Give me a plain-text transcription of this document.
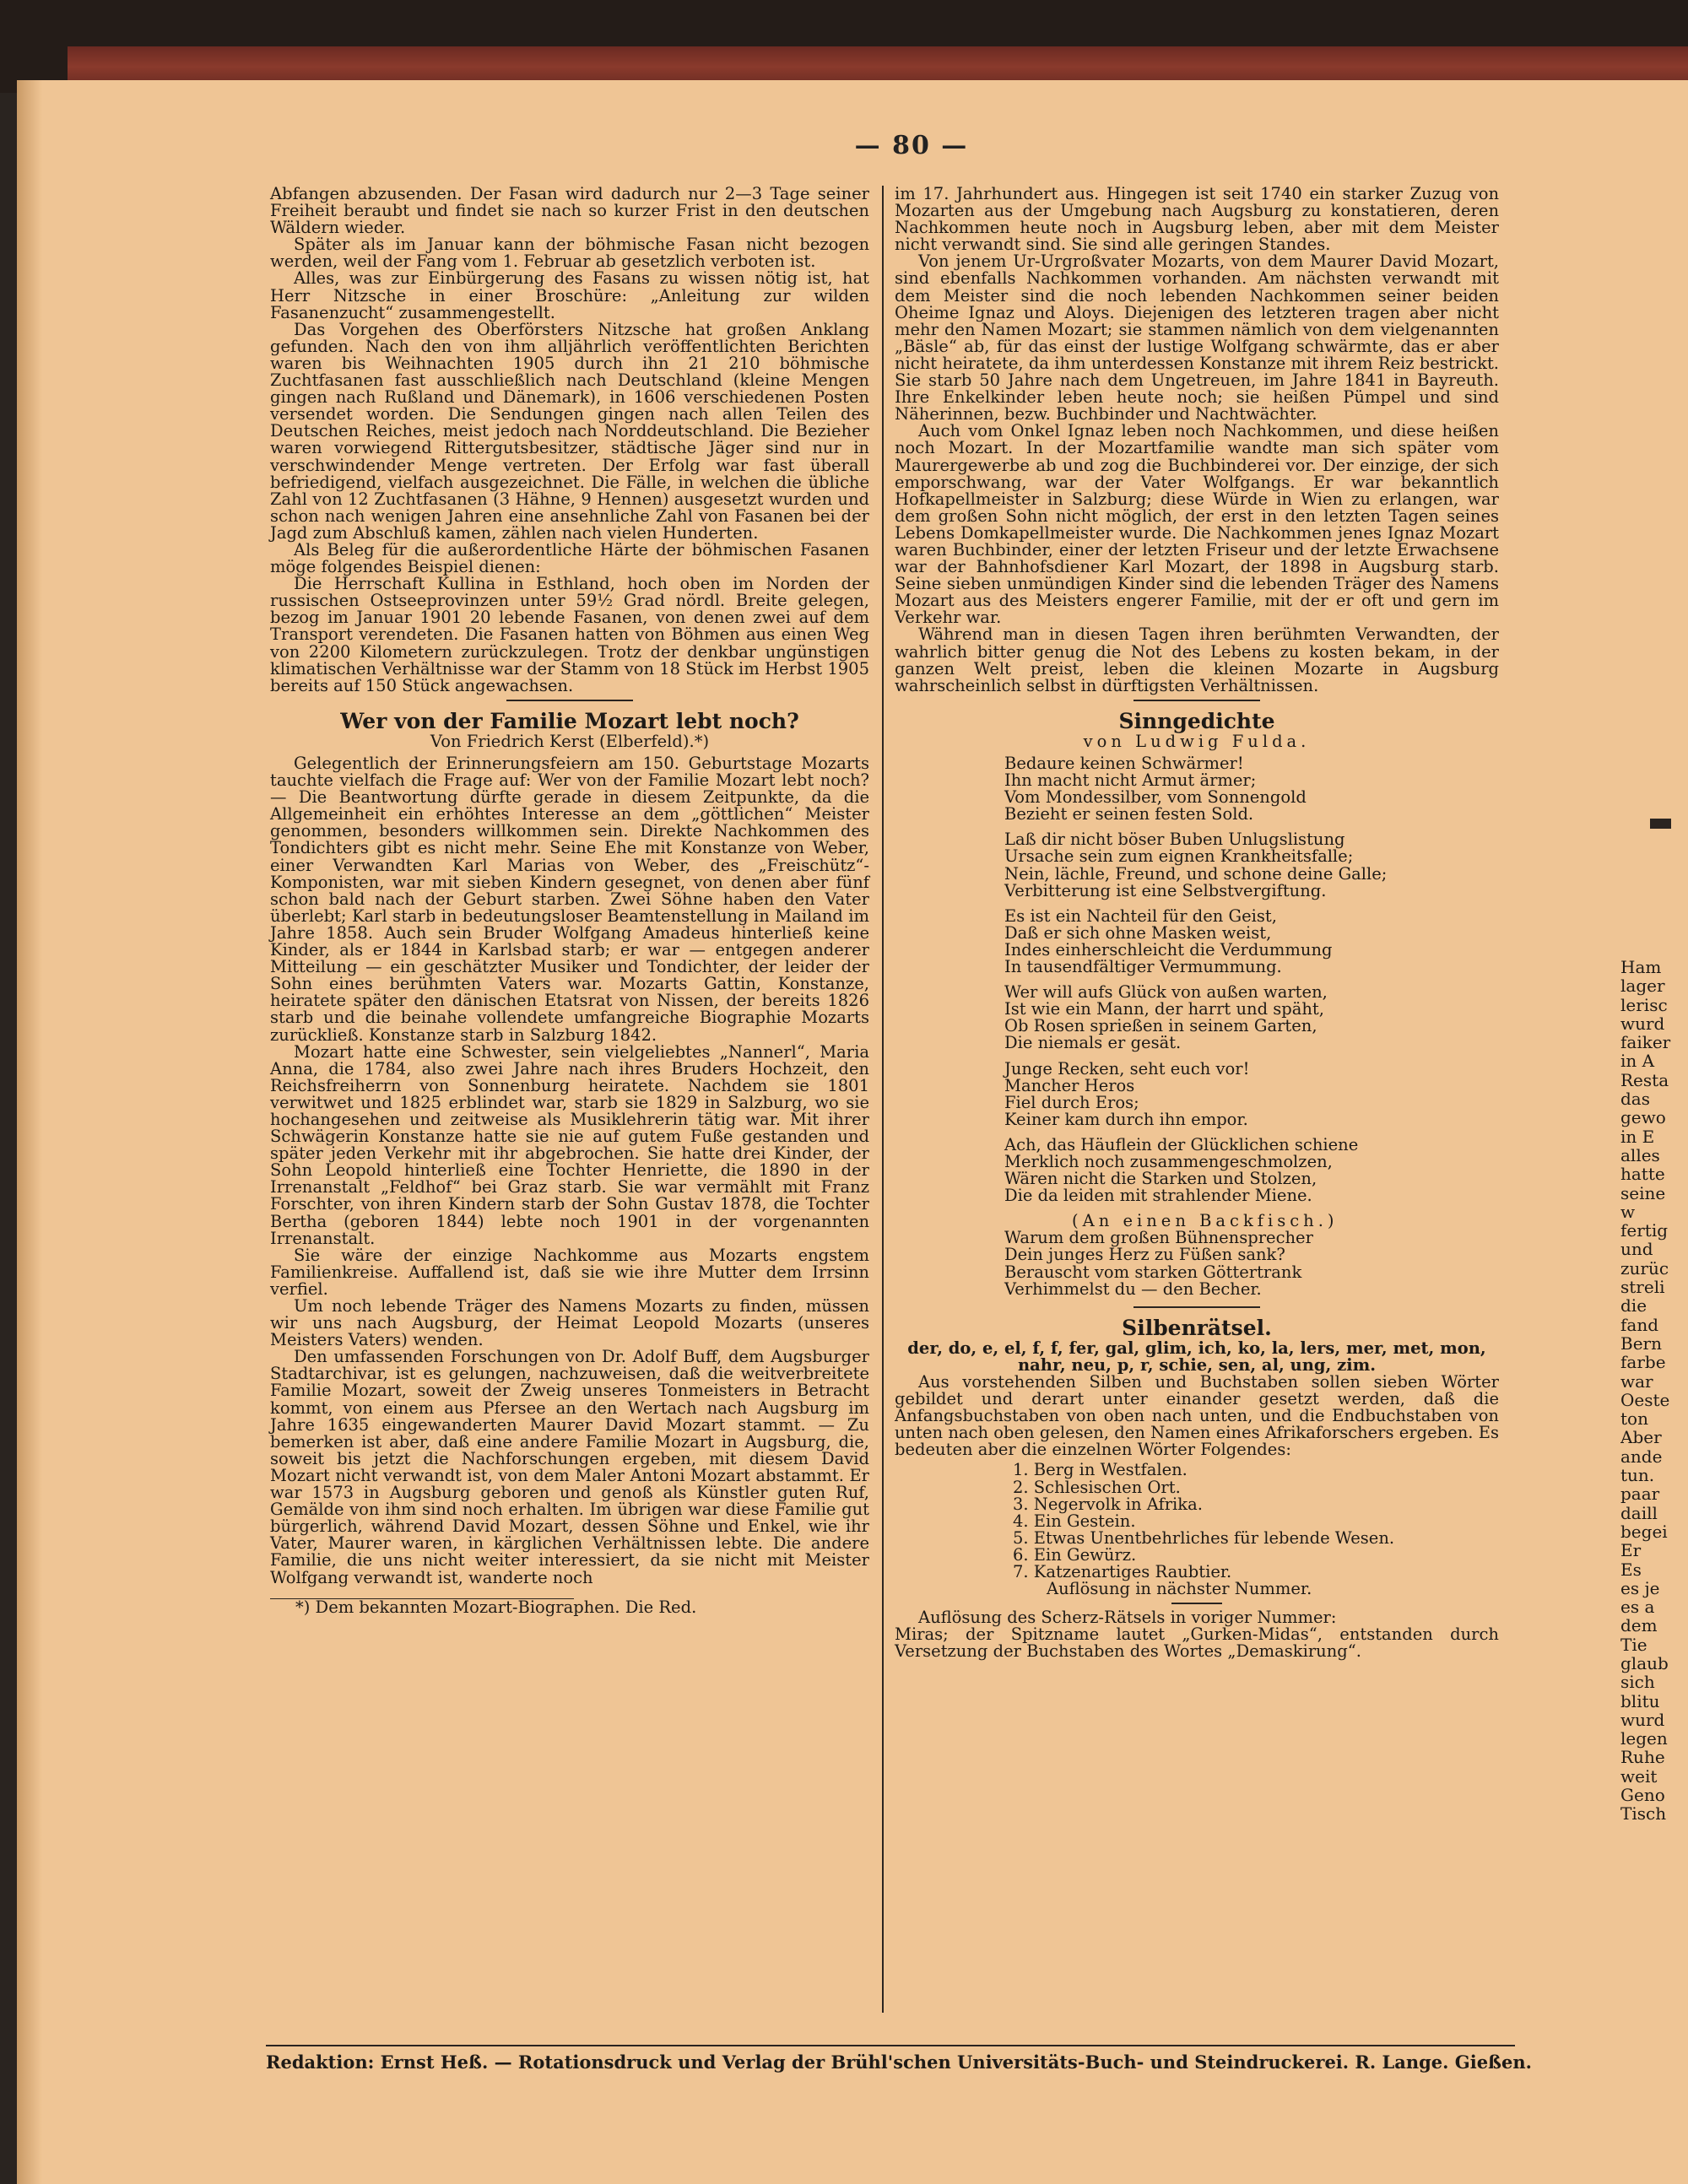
— 80 —

Abfangen abzusenden. Der Fasan wird dadurch nur 2—3 Tage seiner Freiheit beraubt und findet sie nach so kurzer Frist in den deutschen Wäldern wieder.

Später als im Januar kann der böhmische Fasan nicht bezogen werden, weil der Fang vom 1. Februar ab gesetzlich verboten ist.

Alles, was zur Einbürgerung des Fasans zu wissen nötig ist, hat Herr Nitzsche in einer Broschüre: „Anleitung zur wilden Fasanenzucht“ zusammengestellt.

Das Vorgehen des Oberförsters Nitzsche hat großen Anklang gefunden. Nach den von ihm alljährlich veröffentlichten Berichten waren bis Weihnachten 1905 durch ihn 21 210 böhmische Zuchtfasanen fast ausschließlich nach Deutschland (kleine Mengen gingen nach Rußland und Dänemark), in 1606 verschiedenen Posten versendet worden. Die Sendungen gingen nach allen Teilen des Deutschen Reiches, meist jedoch nach Norddeutschland. Die Bezieher waren vorwiegend Rittergutsbesitzer, städtische Jäger sind nur in verschwindender Menge vertreten. Der Erfolg war fast überall befriedigend, vielfach ausgezeichnet. Die Fälle, in welchen die übliche Zahl von 12 Zuchtfasanen (3 Hähne, 9 Hennen) ausgesetzt wurden und schon nach wenigen Jahren eine ansehnliche Zahl von Fasanen bei der Jagd zum Abschluß kamen, zählen nach vielen Hunderten.

Als Beleg für die außerordentliche Härte der böhmischen Fasanen möge folgendes Beispiel dienen:

Die Herrschaft Kullina in Esthland, hoch oben im Norden der russischen Ostseeprovinzen unter 59½ Grad nördl. Breite gelegen, bezog im Januar 1901 20 lebende Fasanen, von denen zwei auf dem Transport verendeten. Die Fasanen hatten von Böhmen aus einen Weg von 2200 Kilometern zurückzulegen. Trotz der denkbar ungünstigen klimatischen Verhältnisse war der Stamm von 18 Stück im Herbst 1905 bereits auf 150 Stück angewachsen.

Wer von der Familie Mozart lebt noch?
Von Friedrich Kerst (Elberfeld).*)

Gelegentlich der Erinnerungsfeiern am 150. Geburtstage Mozarts tauchte vielfach die Frage auf: Wer von der Familie Mozart lebt noch? — Die Beantwortung dürfte gerade in diesem Zeitpunkte, da die Allgemeinheit ein erhöhtes Interesse an dem „göttlichen“ Meister genommen, besonders willkommen sein. Direkte Nachkommen des Tondichters gibt es nicht mehr. Seine Ehe mit Konstanze von Weber, einer Verwandten Karl Marias von Weber, des „Freischütz“-Komponisten, war mit sieben Kindern gesegnet, von denen aber fünf schon bald nach der Geburt starben. Zwei Söhne haben den Vater überlebt; Karl starb in bedeutungsloser Beamtenstellung in Mailand im Jahre 1858. Auch sein Bruder Wolfgang Amadeus hinterließ keine Kinder, als er 1844 in Karlsbad starb; er war — entgegen anderer Mitteilung — ein geschätzter Musiker und Tondichter, der leider der Sohn eines berühmten Vaters war. Mozarts Gattin, Konstanze, heiratete später den dänischen Etatsrat von Nissen, der bereits 1826 starb und die beinahe vollendete umfangreiche Biographie Mozarts zurückließ. Konstanze starb in Salzburg 1842.

Mozart hatte eine Schwester, sein vielgeliebtes „Nannerl“, Maria Anna, die 1784, also zwei Jahre nach ihres Bruders Hochzeit, den Reichsfreiherrn von Sonnenburg heiratete. Nachdem sie 1801 verwitwet und 1825 erblindet war, starb sie 1829 in Salzburg, wo sie hochangesehen und zeitweise als Musiklehrerin tätig war. Mit ihrer Schwägerin Konstanze hatte sie nie auf gutem Fuße gestanden und später jeden Verkehr mit ihr abgebrochen. Sie hatte drei Kinder, der Sohn Leopold hinterließ eine Tochter Henriette, die 1890 in der Irrenanstalt „Feldhof“ bei Graz starb. Sie war vermählt mit Franz Forschter, von ihren Kindern starb der Sohn Gustav 1878, die Tochter Bertha (geboren 1844) lebte noch 1901 in der vorgenannten Irrenanstalt.

Sie wäre der einzige Nachkomme aus Mozarts engstem Familienkreise. Auffallend ist, daß sie wie ihre Mutter dem Irrsinn verfiel.

Um noch lebende Träger des Namens Mozarts zu finden, müssen wir uns nach Augsburg, der Heimat Leopold Mozarts (unseres Meisters Vaters) wenden.

Den umfassenden Forschungen von Dr. Adolf Buff, dem Augsburger Stadtarchivar, ist es gelungen, nachzuweisen, daß die weitverbreitete Familie Mozart, soweit der Zweig unseres Tonmeisters in Betracht kommt, von einem aus Pfersee an den Wertach nach Augsburg im Jahre 1635 eingewanderten Maurer David Mozart stammt. — Zu bemerken ist aber, daß eine andere Familie Mozart in Augsburg, die, soweit bis jetzt die Nachforschungen ergeben, mit diesem David Mozart nicht verwandt ist, von dem Maler Antoni Mozart abstammt. Er war 1573 in Augsburg geboren und genoß als Künstler guten Ruf, Gemälde von ihm sind noch erhalten. Im übrigen war diese Familie gut bürgerlich, während David Mozart, dessen Söhne und Enkel, wie ihr Vater, Maurer waren, in kärglichen Verhältnissen lebte. Die andere Familie, die uns nicht weiter interessiert, da sie nicht mit Meister Wolfgang verwandt ist, wanderte noch

*) Dem bekannten Mozart-Biographen. Die Red.

im 17. Jahrhundert aus. Hingegen ist seit 1740 ein starker Zuzug von Mozarten aus der Umgebung nach Augsburg zu konstatieren, deren Nachkommen heute noch in Augsburg leben, aber mit dem Meister nicht verwandt sind. Sie sind alle geringen Standes.

Von jenem Ur-Urgroßvater Mozarts, von dem Maurer David Mozart, sind ebenfalls Nachkommen vorhanden. Am nächsten verwandt mit dem Meister sind die noch lebenden Nachkommen seiner beiden Oheime Ignaz und Aloys. Diejenigen des letzteren tragen aber nicht mehr den Namen Mozart; sie stammen nämlich von dem vielgenannten „Bäsle“ ab, für das einst der lustige Wolfgang schwärmte, das er aber nicht heiratete, da ihm unterdessen Konstanze mit ihrem Reiz bestrickt. Sie starb 50 Jahre nach dem Ungetreuen, im Jahre 1841 in Bayreuth. Ihre Enkelkinder leben heute noch; sie heißen Pümpel und sind Näherinnen, bezw. Buchbinder und Nachtwächter.

Auch vom Onkel Ignaz leben noch Nachkommen, und diese heißen noch Mozart. In der Mozartfamilie wandte man sich später vom Maurergewerbe ab und zog die Buchbinderei vor. Der einzige, der sich emporschwang, war der Vater Wolfgangs. Er war bekanntlich Hofkapellmeister in Salzburg; diese Würde in Wien zu erlangen, war dem großen Sohn nicht möglich, der erst in den letzten Tagen seines Lebens Domkapellmeister wurde. Die Nachkommen jenes Ignaz Mozart waren Buchbinder, einer der letzten Friseur und der letzte Erwachsene war der Bahnhofsdiener Karl Mozart, der 1898 in Augsburg starb. Seine sieben unmündigen Kinder sind die lebenden Träger des Namens Mozart aus des Meisters engerer Familie, mit der er oft und gern im Verkehr war.

Während man in diesen Tagen ihren berühmten Verwandten, der wahrlich bitter genug die Not des Lebens zu kosten bekam, in der ganzen Welt preist, leben die kleinen Mozarte in Augsburg wahrscheinlich selbst in dürftigsten Verhältnissen.

Sinngedichte
von Ludwig Fulda.
Bedaure keinen Schwärmer!
Ihn macht nicht Armut ärmer;
Vom Mondessilber, vom Sonnengold
Bezieht er seinen festen Sold.
Laß dir nicht böser Buben Unlugslistung
Ursache sein zum eignen Krankheitsfalle;
Nein, lächle, Freund, und schone deine Galle;
Verbitterung ist eine Selbstvergiftung.
Es ist ein Nachteil für den Geist,
Daß er sich ohne Masken weist,
Indes einherschleicht die Verdummung
In tausendfältiger Vermummung.
Wer will aufs Glück von außen warten,
Ist wie ein Mann, der harrt und späht,
Ob Rosen sprießen in seinem Garten,
Die niemals er gesät.
Junge Recken, seht euch vor!
Mancher Heros
Fiel durch Eros;
Keiner kam durch ihn empor.
Ach, das Häuflein der Glücklichen schiene
Merklich noch zusammengeschmolzen,
Wären nicht die Starken und Stolzen,
Die da leiden mit strahlender Miene.
(An einen Backfisch.)
Warum dem großen Bühnensprecher
Dein junges Herz zu Füßen sank?
Berauscht vom starken Göttertrank
Verhimmelst du — den Becher.
Silbenrätsel.
der, do, e, el, f, f, fer, gal, glim, ich, ko, la, lers, mer, met, mon, nahr, neu, p, r, schie, sen, al, ung, zim.

Aus vorstehenden Silben und Buchstaben sollen sieben Wörter gebildet und derart unter einander gesetzt werden, daß die Anfangsbuchstaben von oben nach unten, und die Endbuchstaben von unten nach oben gelesen, den Namen eines Afrikaforschers ergeben. Es bedeuten aber die einzelnen Wörter Folgendes:

1. Berg in Westfalen.
2. Schlesischen Ort.
3. Negervolk in Afrika.
4. Ein Gestein.
5. Etwas Unentbehrliches für lebende Wesen.
6. Ein Gewürz.
7. Katzenartiges Raubtier.
Auflösung in nächster Nummer.

Auflösung des Scherz-Rätsels in voriger Nummer:

Miras; der Spitzname lautet „Gurken-Midas“, entstanden durch Versetzung der Buchstaben des Wortes „Demaskirung“.

Redaktion: Ernst Heß. — Rotationsdruck und Verlag der Brühl'schen Universitäts-Buch- und Steindruckerei. R. Lange. Gießen.
Ham
lager
lerisc
wurd
faiker
in A
Resta
das
gewo
in E
alles
hatte
seine
w
fertig
und
zurüc
streli
die
fand
Bern
farbe
war
Oeste
ton
Aber
ande
tun.
paar
daill
begei
Er
Es
es je
es a
dem
Tie
glaub
sich
blitu
wurd
legen
Ruhe
weit
Geno
Tisch
